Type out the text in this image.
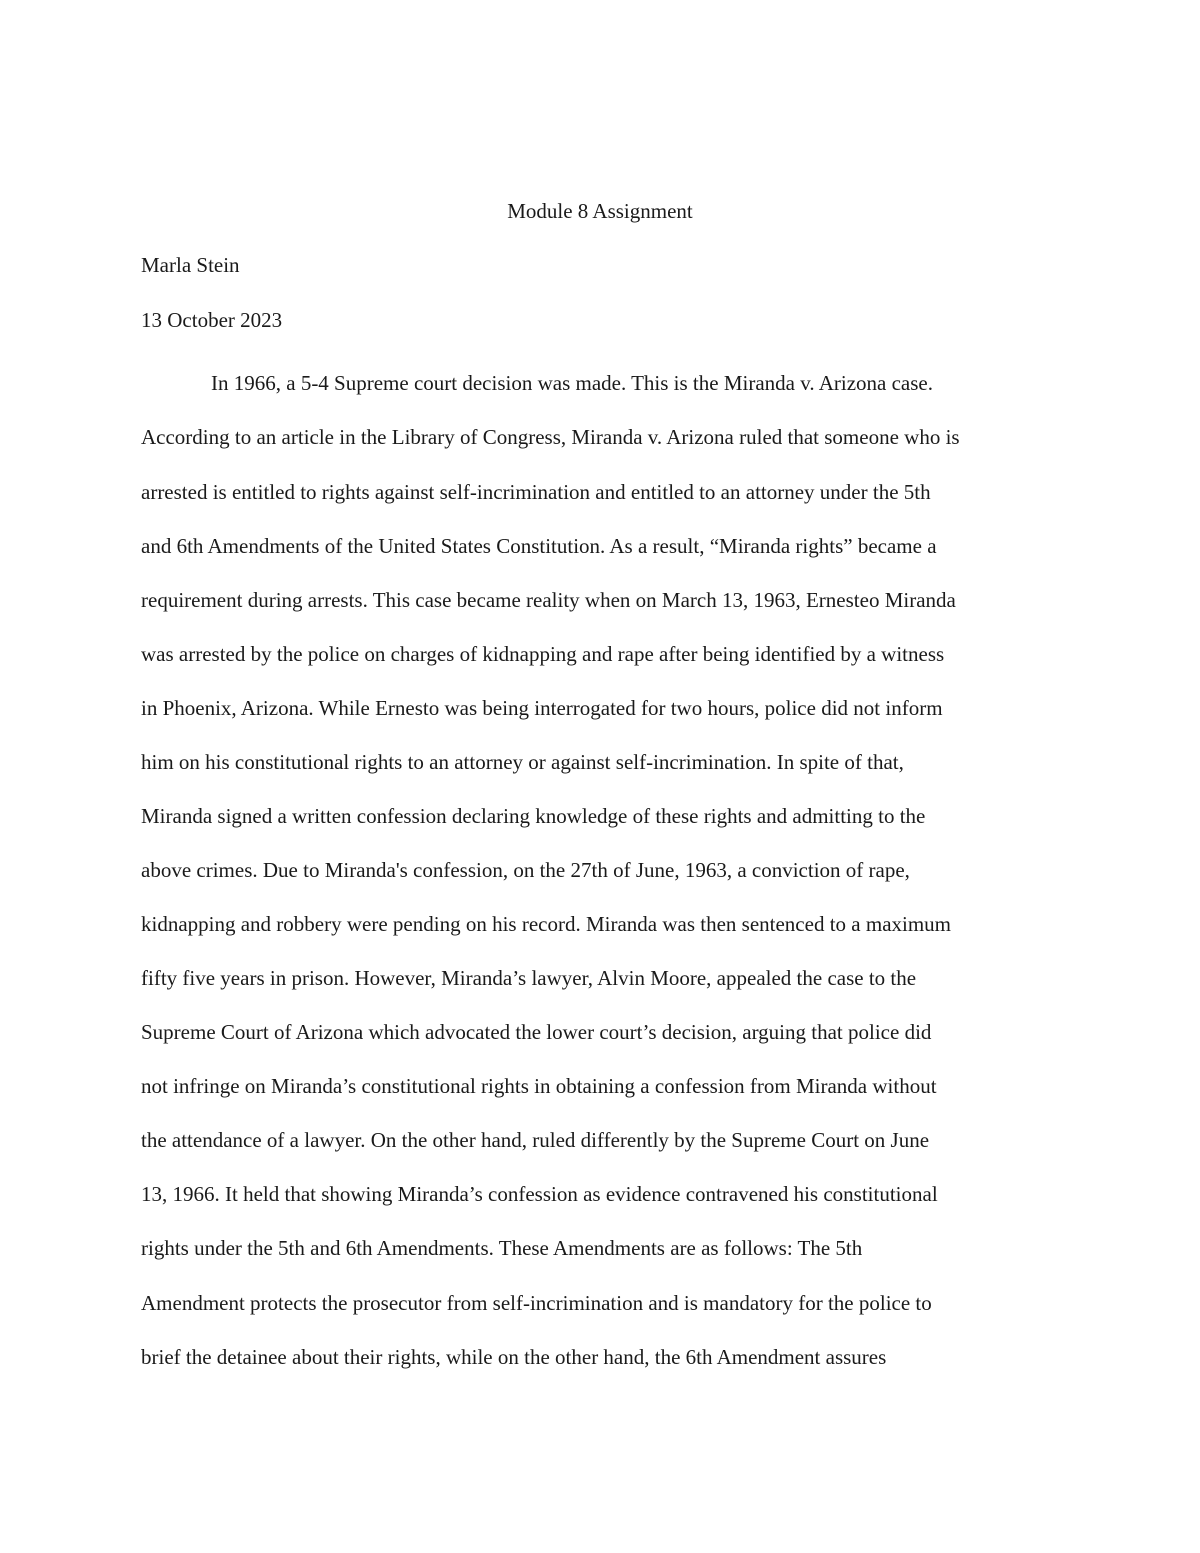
Module 8 Assignment
Marla Stein
13 October 2023
In 1966, a 5-4 Supreme court decision was made. This is the Miranda v. Arizona case.
According to an article in the Library of Congress, Miranda v. Arizona ruled that someone who is
arrested is entitled to rights against self-incrimination and entitled to an attorney under the 5th
and 6th Amendments of the United States Constitution. As a result, “Miranda rights” became a
requirement during arrests. This case became reality when on March 13, 1963, Ernesteo Miranda
was arrested by the police on charges of kidnapping and rape after being identified by a witness
in Phoenix, Arizona. While Ernesto was being interrogated for two hours, police did not inform
him on his constitutional rights to an attorney or against self-incrimination. In spite of that,
Miranda signed a written confession declaring knowledge of these rights and admitting to the
above crimes. Due to Miranda's confession, on the 27th of June, 1963, a conviction of rape,
kidnapping and robbery were pending on his record. Miranda was then sentenced to a maximum
fifty five years in prison. However, Miranda’s lawyer, Alvin Moore, appealed the case to the
Supreme Court of Arizona which advocated the lower court’s decision, arguing that police did
not infringe on Miranda’s constitutional rights in obtaining a confession from Miranda without
the attendance of a lawyer. On the other hand, ruled differently by the Supreme Court on June
13, 1966. It held that showing Miranda’s confession as evidence contravened his constitutional
rights under the 5th and 6th Amendments. These Amendments are as follows: The 5th
Amendment protects the prosecutor from self-incrimination and is mandatory for the police to
brief the detainee about their rights, while on the other hand, the 6th Amendment assures
